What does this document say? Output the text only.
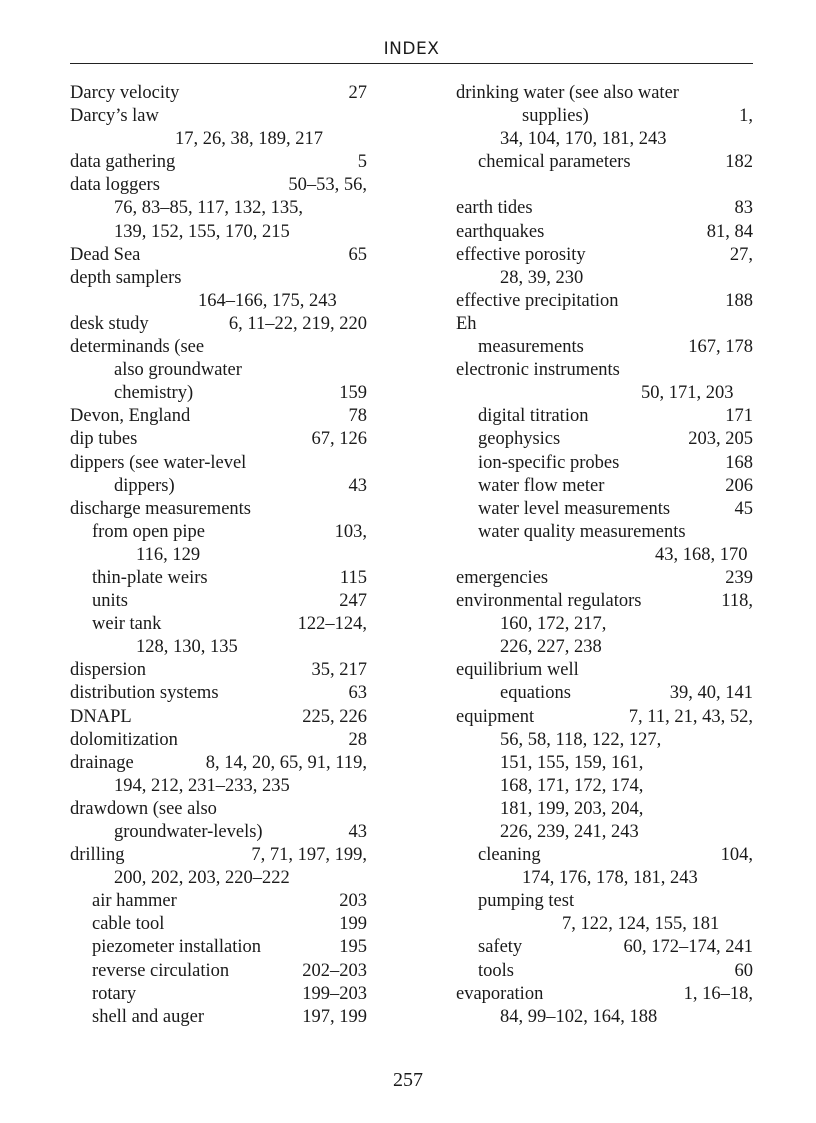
INDEX
Darcy velocity	27
Darcy’s law
17, 26, 38, 189, 217
data gathering	5
data loggers	50–53, 56,
76, 83–85, 117, 132, 135,
139, 152, 155, 170, 215
Dead Sea	65
depth samplers
164–166, 175, 243
desk study	6, 11–22, 219, 220
determinands (see
also groundwater
chemistry)	159
Devon, England	78
dip tubes	67, 126
dippers (see water-level
dippers)	43
discharge measurements
from open pipe	103,
116, 129
thin-plate weirs	115
units	247
weir tank	122–124,
128, 130, 135
dispersion	35, 217
distribution systems	63
DNAPL	225, 226
dolomitization	28
drainage	8, 14, 20, 65, 91, 119,
194, 212, 231–233, 235
drawdown (see also
groundwater-levels)	43
drilling	7, 71, 197, 199,
200, 202, 203, 220–222
air hammer	203
cable tool	199
piezometer installation	195
reverse circulation	202–203
rotary	199–203
shell and auger	197, 199
drinking water (see also water
supplies)	1,
34, 104, 170, 181, 243
chemical parameters	182
earth tides	83
earthquakes	81, 84
effective porosity	27,
28, 39, 230
effective precipitation	188
Eh
measurements	167, 178
electronic instruments
50, 171, 203
digital titration	171
geophysics	203, 205
ion-specific probes	168
water flow meter	206
water level measurements	45
water quality measurements
43, 168, 170
emergencies	239
environmental regulators	118,
160, 172, 217,
226, 227, 238
equilibrium well
equations	39, 40, 141
equipment	7, 11, 21, 43, 52,
56, 58, 118, 122, 127,
151, 155, 159, 161,
168, 171, 172, 174,
181, 199, 203, 204,
226, 239, 241, 243
cleaning	104,
174, 176, 178, 181, 243
pumping test
7, 122, 124, 155, 181
safety	60, 172–174, 241
tools	60
evaporation	1, 16–18,
84, 99–102, 164, 188
257
